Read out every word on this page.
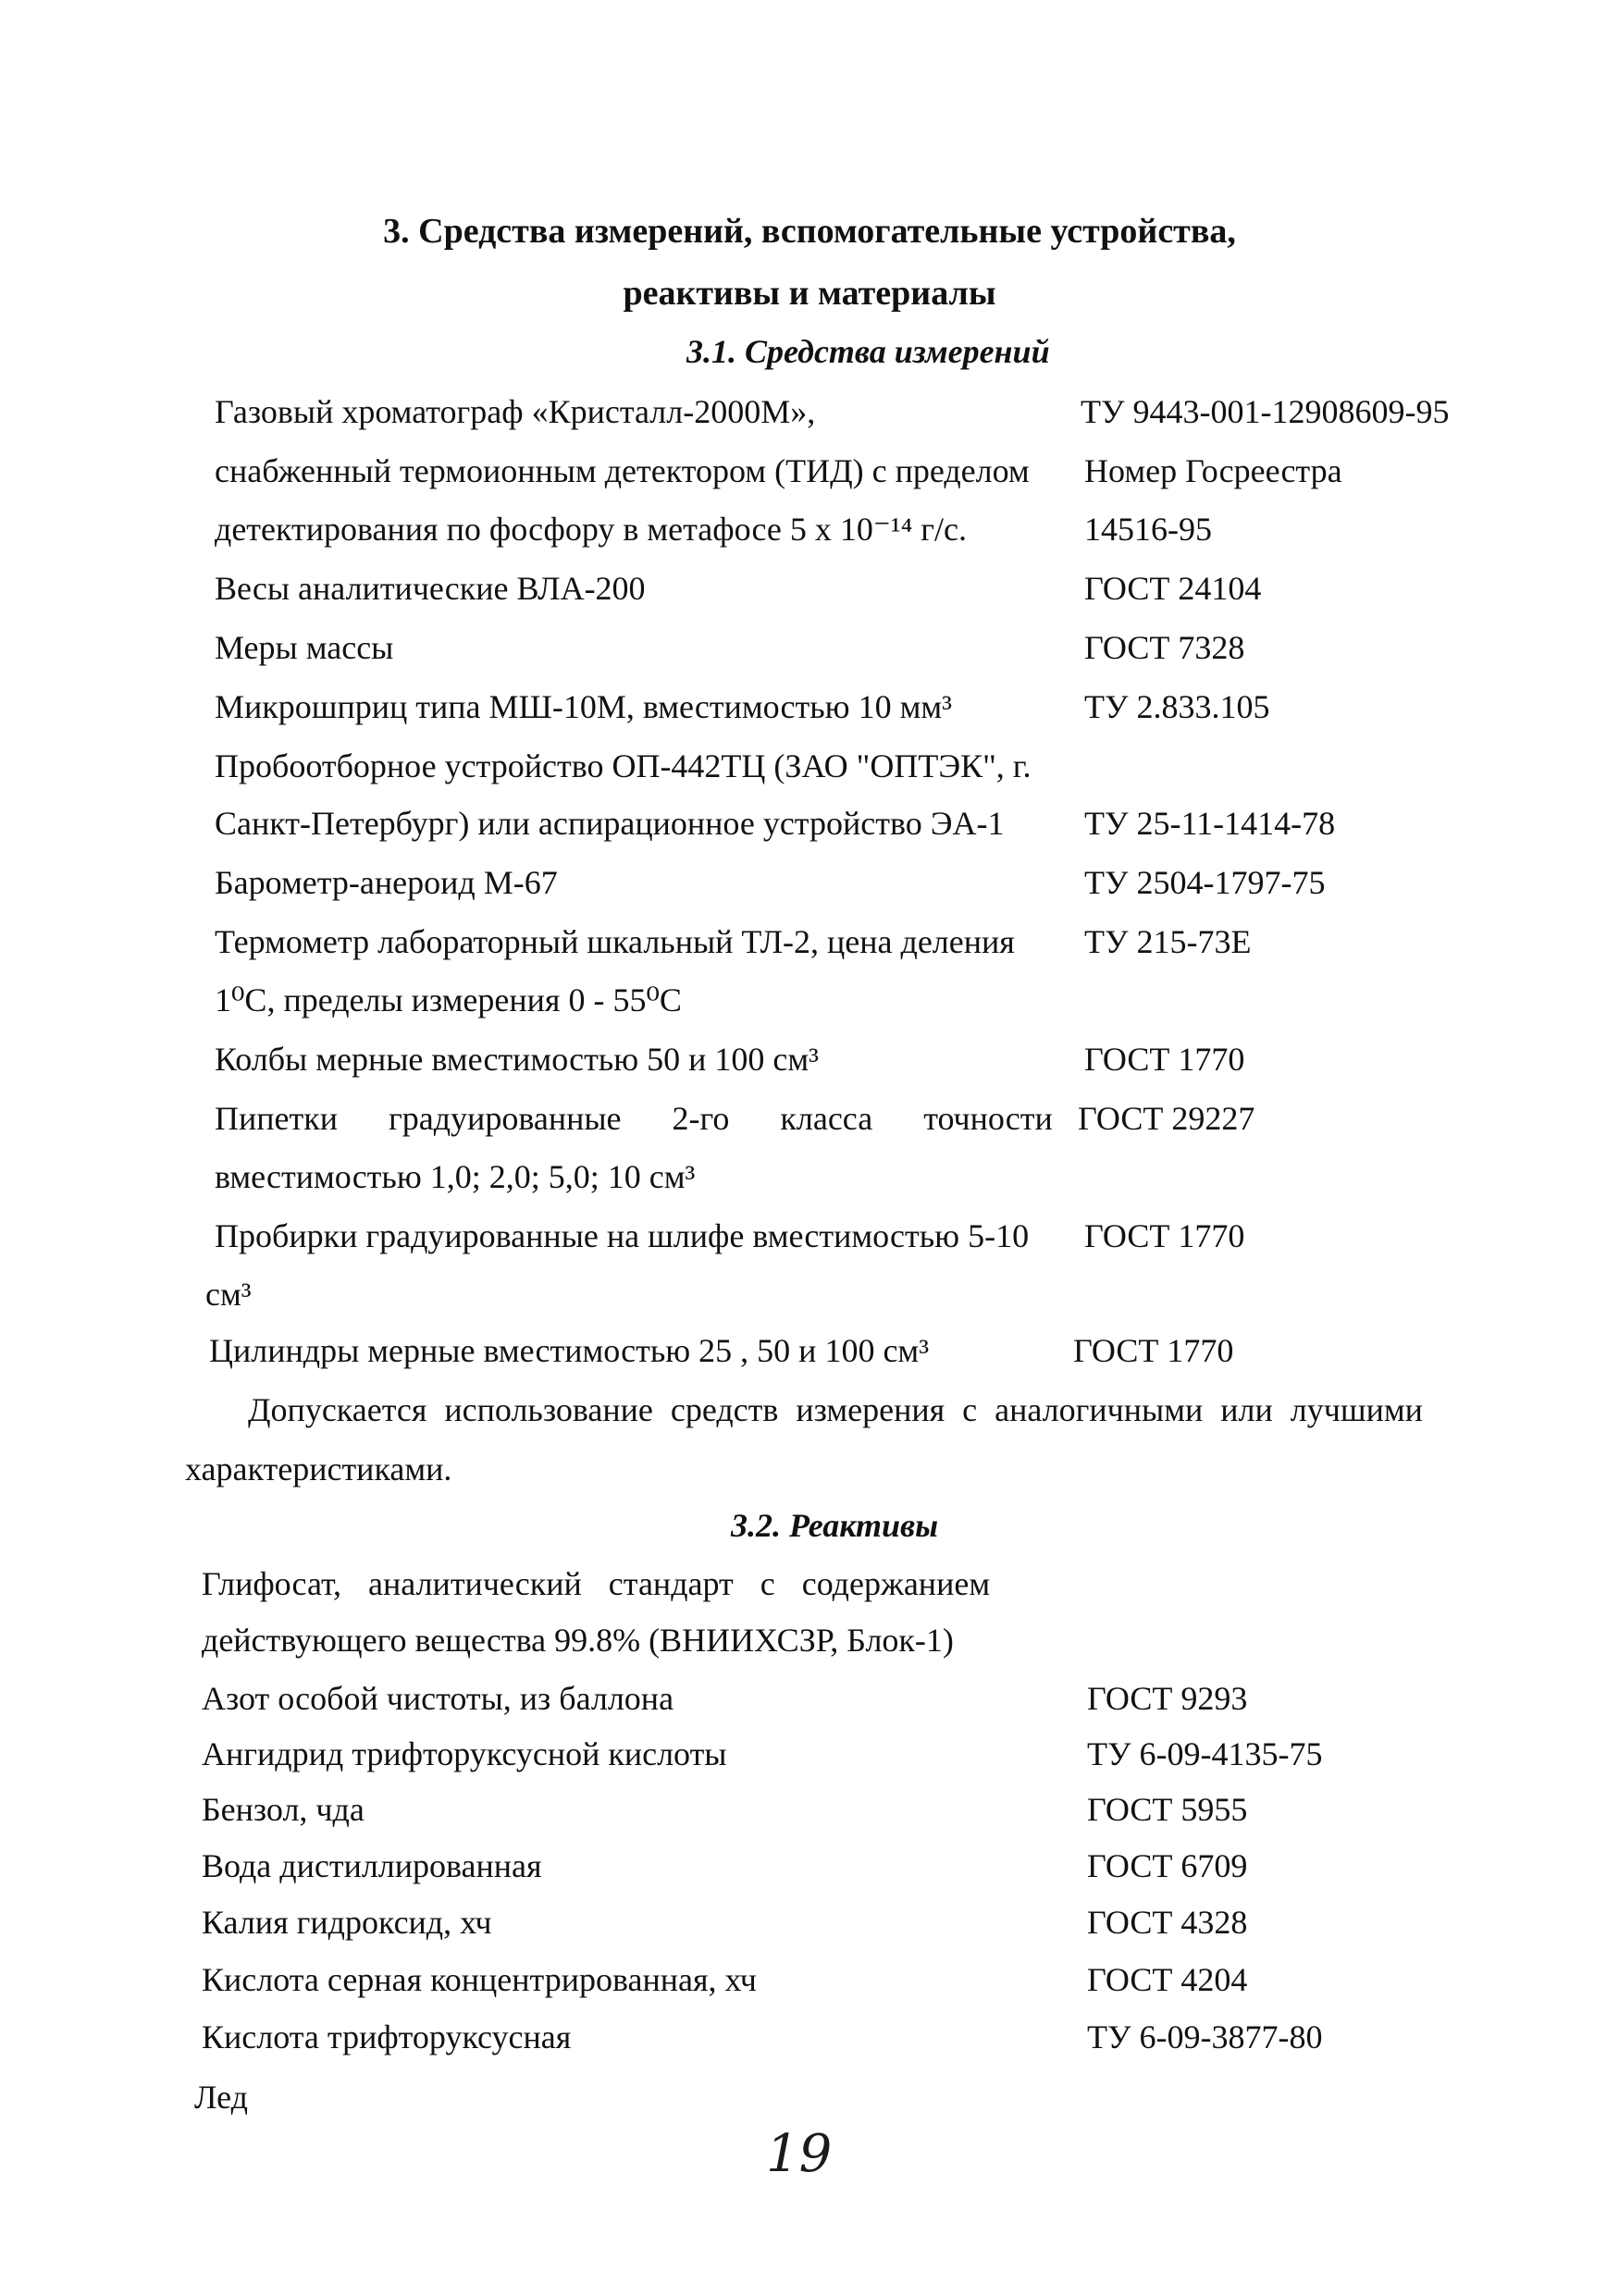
3. Средства измерений, вспомогательные устройства,
реактивы и материалы
3.1. Средства измерений
Газовый хроматограф «Кристалл-2000М»,	ТУ 9443-001-12908609-95
снабженный термоионным детектором (ТИД) с пределом Номер Госреестра
детектирования по фосфору в метафосе 5 х 10⁻¹⁴ г/с.	14516-95
Весы аналитические ВЛА-200	ГОСТ 24104
Меры массы	ГОСТ 7328
Микрошприц типа МШ-10М, вместимостью 10 мм³	ТУ 2.833.105
Пробоотборное устройство ОП-442ТЦ (ЗАО "ОПТЭК", г.
Санкт-Петербург) или аспирационное устройство ЭА-1 ТУ 25-11-1414-78
Барометр-анероид М-67	ТУ 2504-1797-75
Термометр лабораторный шкальный ТЛ-2, цена деления ТУ 215-73Е
1⁰С, пределы измерения 0 - 55⁰С
Колбы мерные вместимостью 50 и 100 см³	ГОСТ 1770
Пипетки градуированные 2-го класса точности ГОСТ 29227
вместимостью 1,0; 2,0; 5,0; 10 см³
Пробирки градуированные на шлифе вместимостью 5-10 ГОСТ 1770
см³
Цилиндры мерные вместимостью 25 , 50 и 100 см³	ГОСТ 1770
Допускается использование средств измерения с аналогичными или лучшими
характеристиками.
3.2. Реактивы
Глифосат, аналитический стандарт с содержанием
действующего вещества 99.8% (ВНИИХСЗР, Блок-1)
Азот особой чистоты, из баллона	ГОСТ 9293
Ангидрид трифторуксусной кислоты	ТУ 6-09-4135-75
Бензол, чда	ГОСТ 5955
Вода дистиллированная	ГОСТ 6709
Калия гидроксид, хч	ГОСТ 4328
Кислота серная концентрированная, хч	ГОСТ 4204
Кислота трифторуксусная	ТУ 6-09-3877-80
Лед
19
